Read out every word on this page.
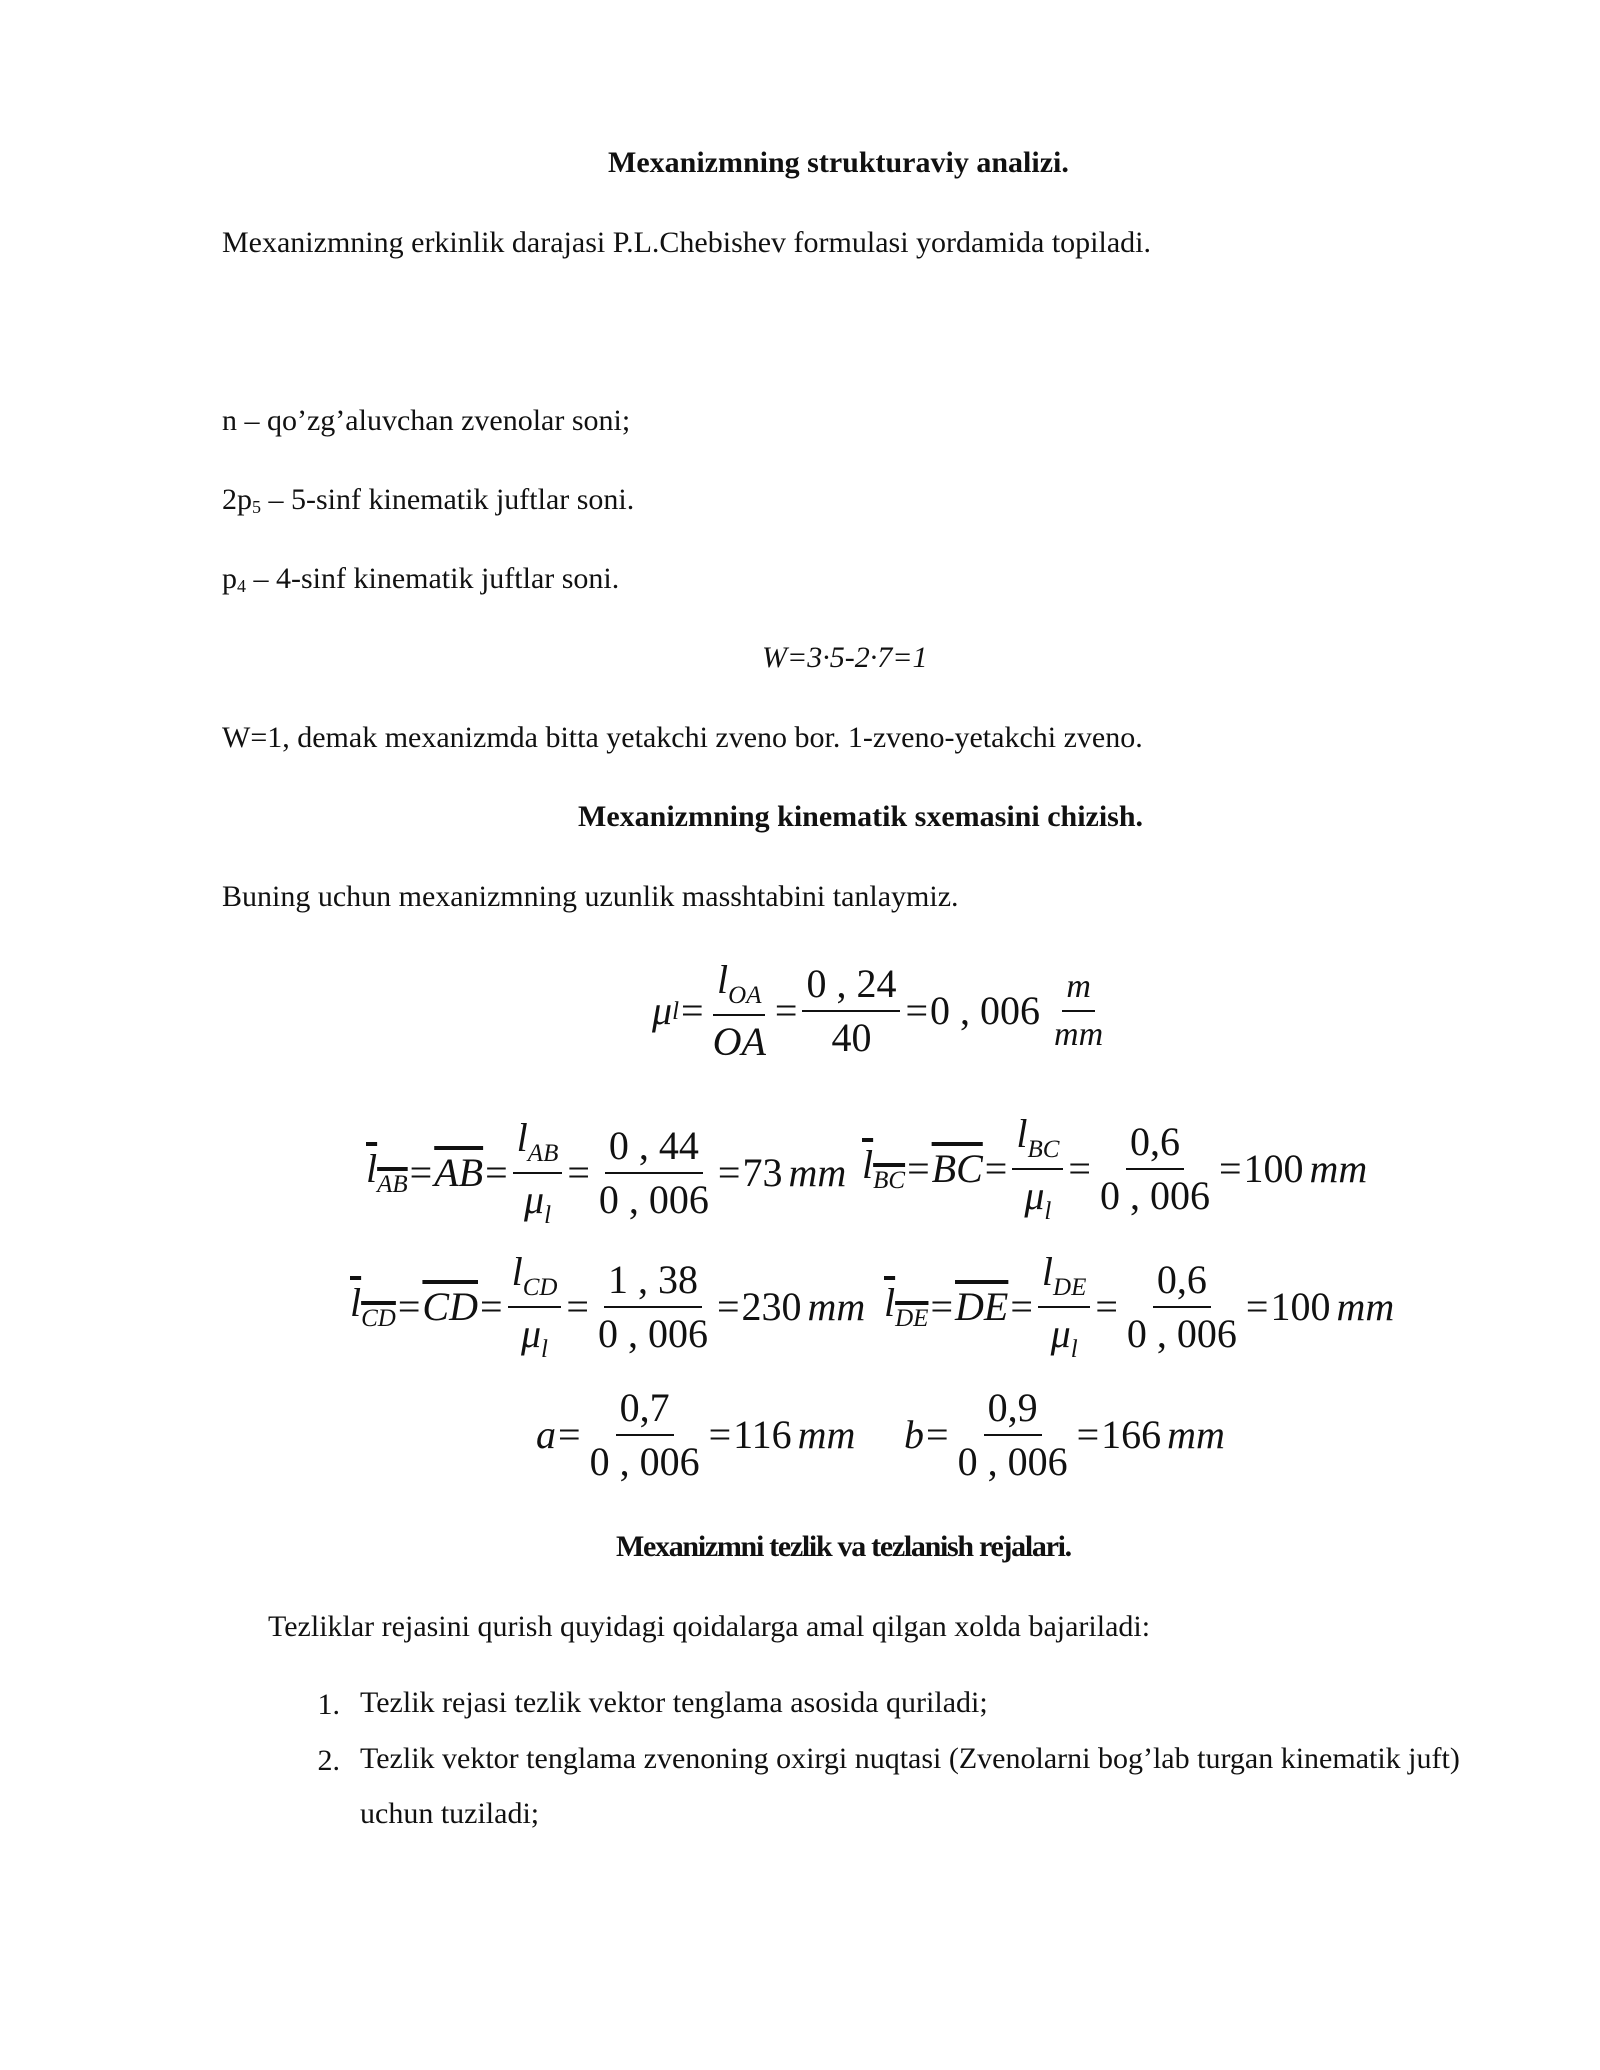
Mexanizmning strukturaviy analizi.
Mexanizmning erkinlik darajasi P.L.Chebishev formulasi yordamida topiladi.
n – qo’zg’aluvchan zvenolar soni;
$2p_5 - 5-\sin f$ kinematik juftlar soni.
$p_4 - 4-\sin f$ kinematik juftlar soni.
W=3·5-2·7=1
W=1, demak mexanizmda bitta yetakchi zveno bor. 1-zveno-yetakchi zveno.
Mexanizmning kinematik sxemasini chizish.
Buning uchun mexanizmning uzunlik masshtabini tanlaymiz.
μ $l = \frac{l_{OA}}{OA} = \frac{0 , 24}{40} = 0$ , $006 \frac{m}{mm}$
$l_{AB} = \overline{AB} = \frac{l_{AB}}{\mu_l} = \frac{0 , 44}{0 , 006} = 73$ mm $l_{BC} = \overline{BC} = \frac{l_{BC}}{\mu_l} = \frac{0,6}{0 , 006} = 100$ mm
$l_{CD} = \overline{CD} = \frac{l_{CD}}{\mu_l} = \frac{1 , 38}{0 , 006} = 230$ mm $l_{DE} = \overline{DE} = \frac{l_{DE}}{\mu_l} = \frac{0,6}{0 , 006} = 100$ mm
$a = \frac{0,7}{0 , 006} = 116$ mm $b = \frac{0,9}{0 , 006} = 166$ mm
Mexanizmni tezlik va tezlanish rejalari.
Tezliklar rejasini qurish quyidagi qoidalarga amal qilgan xolda bajariladi:
1. Tezlik rejasi tezlik vektor tenglama asosida quriladi;
2. Tezlik vektor tenglama zvenoning oxirgi nuqtasi (Zvenolarni bog’lab turgan kinematik juft) uchun tuziladi;
